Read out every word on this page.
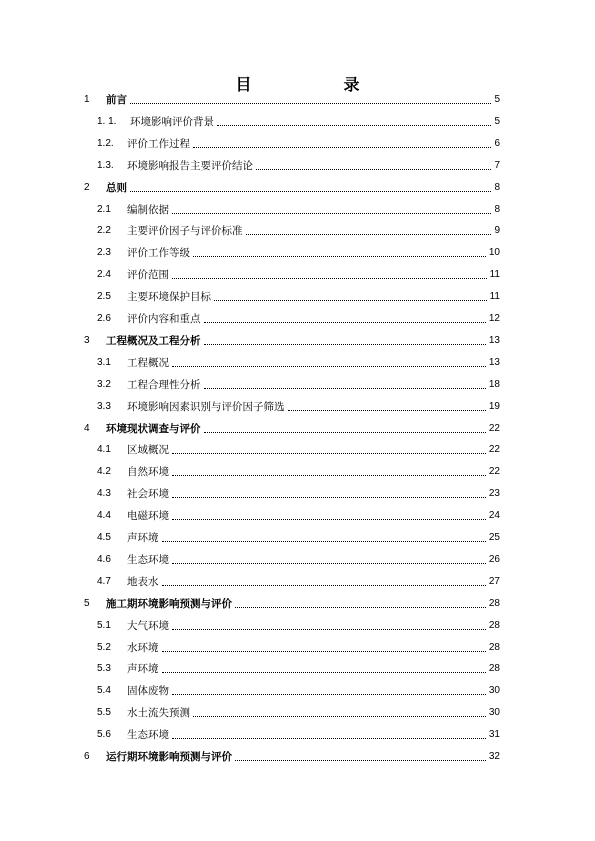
目　　录
1	前言	5
1. 1.	环境影响评价背景	5
1.2.	评价工作过程	6
1.3.	环境影响报告主要评价结论	7
2	总则	8
2.1	编制依据	8
2.2	主要评价因子与评价标准	9
2.3	评价工作等级	10
2.4	评价范围	11
2.5	主要环境保护目标	11
2.6	评价内容和重点	12
3	工程概况及工程分析	13
3.1	工程概况	13
3.2	工程合理性分析	18
3.3	环境影响因素识别与评价因子筛选	19
4	环境现状调查与评价	22
4.1	区域概况	22
4.2	自然环境	22
4.3	社会环境	23
4.4	电磁环境	24
4.5	声环境	25
4.6	生态环境	26
4.7	地表水	27
5	施工期环境影响预测与评价	28
5.1	大气环境	28
5.2	水环境	28
5.3	声环境	28
5.4	固体废物	30
5.5	水土流失预测	30
5.6	生态环境	31
6	运行期环境影响预测与评价	32
